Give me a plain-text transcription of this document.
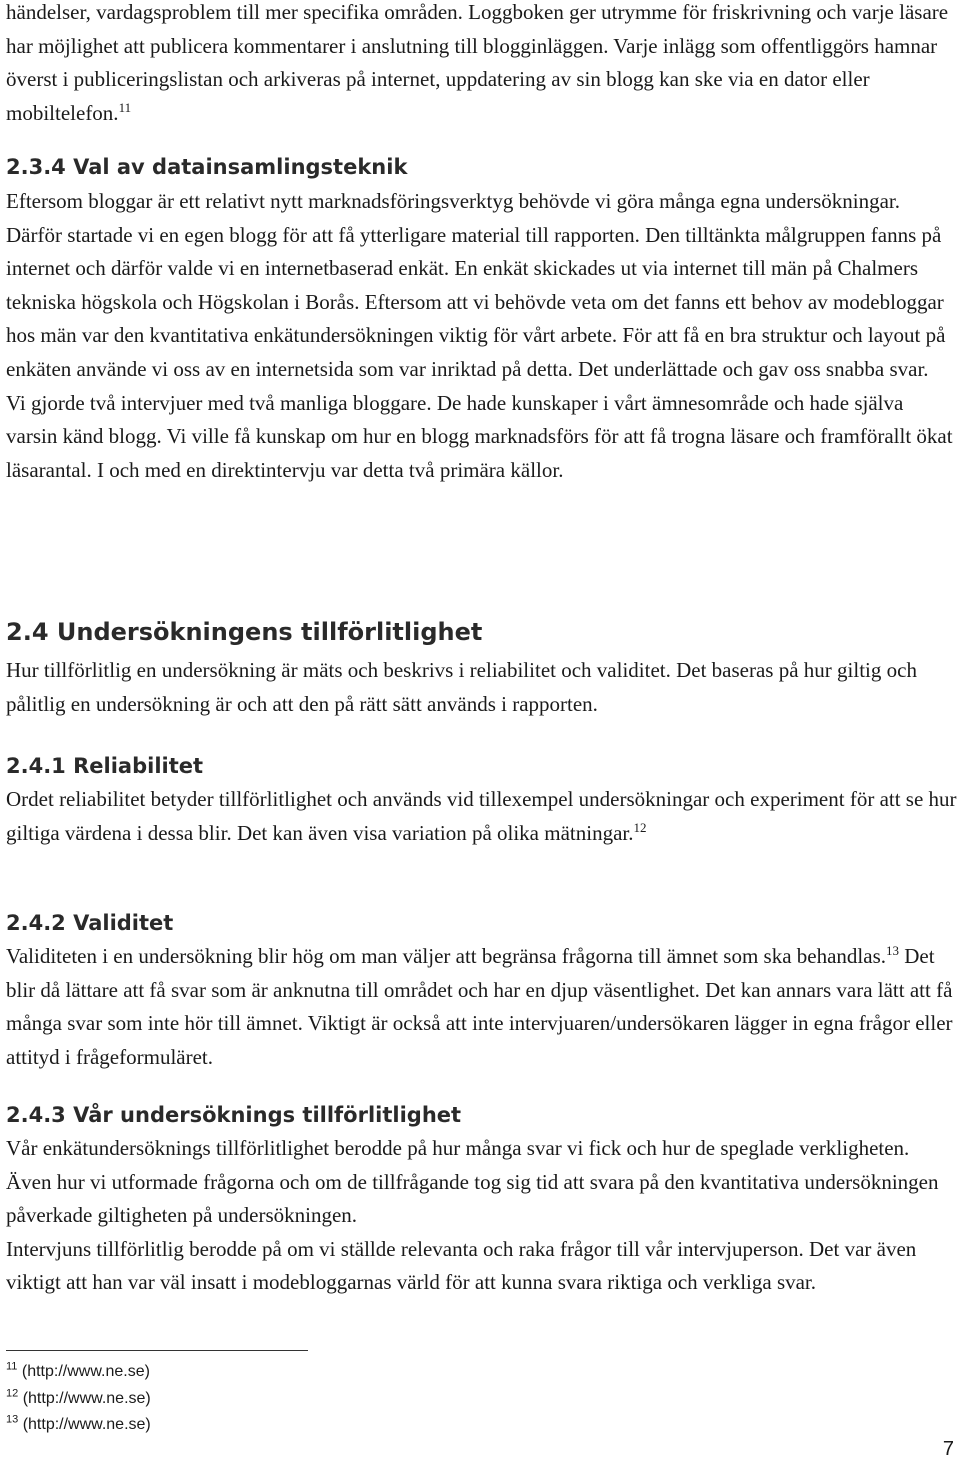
händelser, vardagsproblem till mer specifika områden. Loggboken ger utrymme för friskrivning och varje läsare har möjlighet att publicera kommentarer i anslutning till blogginläggen. Varje inlägg som offentliggörs hamnar överst i publiceringslistan och arkiveras på internet, uppdatering av sin blogg kan ske via en dator eller mobiltelefon.$^{11}$

2.3.4 Val av datainsamlingsteknik

Eftersom bloggar är ett relativt nytt marknadsföringsverktyg behövde vi göra många egna undersökningar. Därför startade vi en egen blogg för att få ytterligare material till rapporten. Den tilltänkta målgruppen fanns på internet och därför valde vi en internetbaserad enkät. En enkät skickades ut via internet till män på Chalmers tekniska högskola och Högskolan i Borås. Eftersom att vi behövde veta om det fanns ett behov av modebloggar hos män var den kvantitativa enkätundersökningen viktig för vårt arbete. För att få en bra struktur och layout på enkäten använde vi oss av en internetsida som var inriktad på detta. Det underlättade och gav oss snabba svar.

Vi gjorde två intervjuer med två manliga bloggare. De hade kunskaper i vårt ämnesområde och hade själva varsin känd blogg. Vi ville få kunskap om hur en blogg marknadsförs för att få trogna läsare och framförallt ökat läsarantal. I och med en direktintervju var detta två primära källor.

2.4 Undersökningens tillförlitlighet

Hur tillförlitlig en undersökning är mäts och beskrivs i reliabilitet och validitet. Det baseras på hur giltig och pålitlig en undersökning är och att den på rätt sätt används i rapporten.

2.4.1 Reliabilitet

Ordet reliabilitet betyder tillförlitlighet och används vid tillexempel undersökningar och experiment för att se hur giltiga värdena i dessa blir. Det kan även visa variation på olika mätningar.$^{12}$

2.4.2 Validitet

Validiteten i en undersökning blir hög om man väljer att begränsa frågorna till ämnet som ska behandlas.$^{13}$ Det blir då lättare att få svar som är anknutna till området och har en djup väsentlighet. Det kan annars vara lätt att få många svar som inte hör till ämnet. Viktigt är också att inte intervjuaren/undersökaren lägger in egna frågor eller attityd i frågeformuläret.

2.4.3 Vår undersöknings tillförlitlighet

Vår enkätundersöknings tillförlitlighet berodde på hur många svar vi fick och hur de speglade verkligheten. Även hur vi utformade frågorna och om de tillfrågande tog sig tid att svara på den kvantitativa undersökningen påverkade giltigheten på undersökningen.

Intervjuns tillförlitlig berodde på om vi ställde relevanta och raka frågor till vår intervjuperson. Det var även viktigt att han var väl insatt i modebloggarnas värld för att kunna svara riktiga och verkliga svar.

$^{11}$ (http://www.ne.se)
$^{12}$ (http://www.ne.se)
$^{13}$ (http://www.ne.se)
7
